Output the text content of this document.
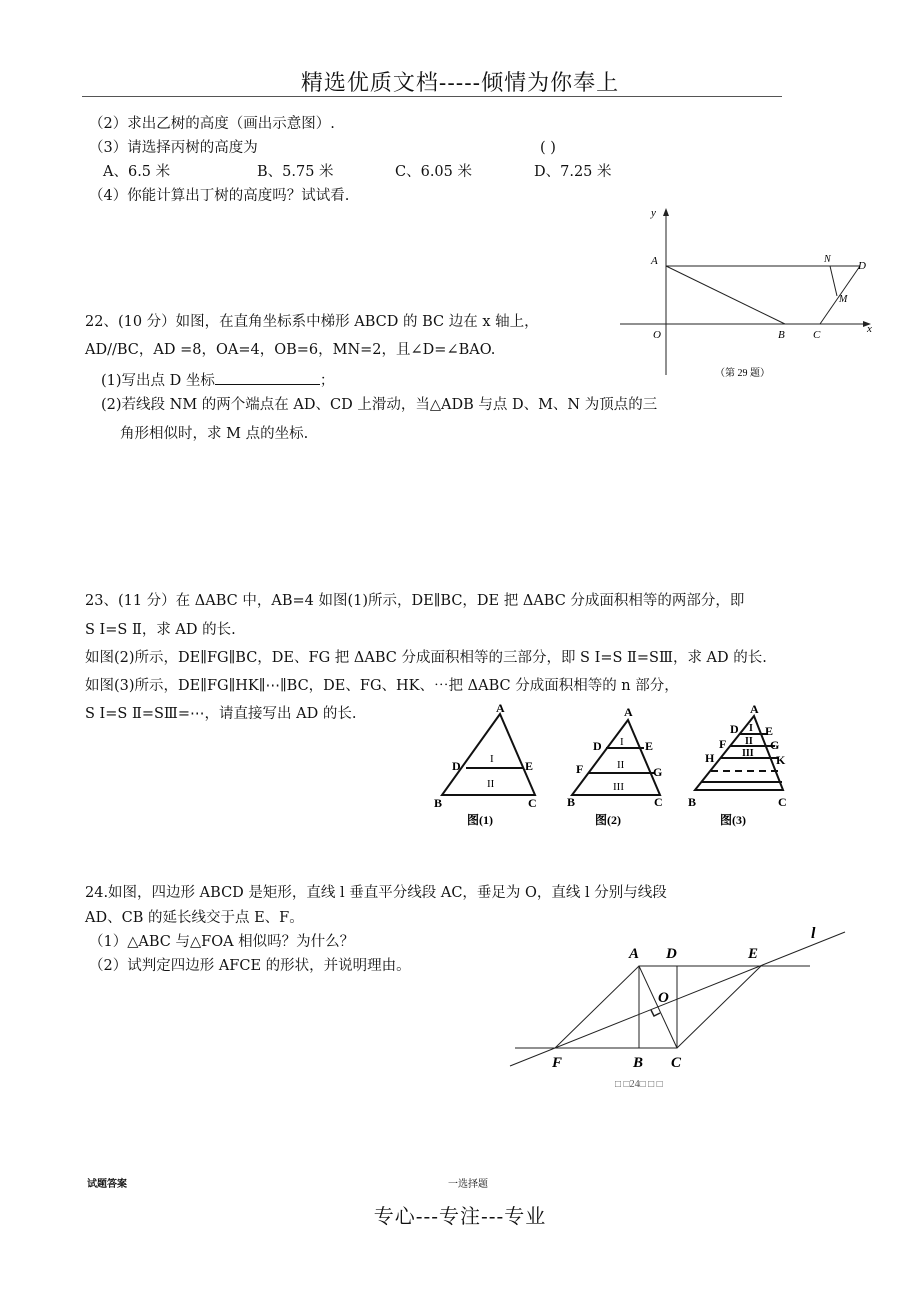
精选优质文档-----倾情为你奉上
（2）求出乙树的高度（画出示意图）.
（3）请选择丙树的高度为	( )
A、6.5 米	B、5.75 米	C、6.05 米	D、7.25 米
（4）你能计算出丁树的高度吗？试试看.
y
x
A
O	B	C
D
N
M
（第 29 题）
22、(10 分）如图，在直角坐标系中梯形 ABCD 的 BC 边在 x 轴上，
AD//BC，AD =8，OA=4，OB=6，MN=2，且∠D=∠BAO.
(1)写出点 D 坐标	；
(2)若线段 NM 的两个端点在 AD、CD 上滑动，当△ADB 与点 D、M、N 为顶点的三
角形相似时，求 M 点的坐标.
23、(11 分）在 ΔABC 中，AB=4 如图(1)所示，DE∥BC，DE 把 ΔABC 分成面积相等的两部分，即
S Ⅰ=S Ⅱ，求 AD 的长.
如图(2)所示，DE∥FG∥BC，DE、FG 把 ΔABC 分成面积相等的三部分，即 S Ⅰ=S Ⅱ=SⅢ，求 AD 的长.
如图(3)所示，DE∥FG∥HK∥⋯∥BC，DE、FG、HK、⋯把 ΔABC 分成面积相等的 n 部分，
S Ⅰ=S Ⅱ=SⅢ=⋯，请直接写出 AD 的长.	A
D	E
B	C
I
II
图(1)
A
D	E
F	G
B	C
I
II
III
图(2)
A
D E
F	G
H	K
B	C
I
II
III
图(3)
24.如图，四边形 ABCD 是矩形，直线 l 垂直平分线段 AC，垂足为 O，直线 l 分别与线段
AD、CB 的延长线交于点 E、F。
（1）△ABC 与△FOA 相似吗？为什么？
（2）试判定四边形 AFCE 的形状，并说明理由。
l
A D	E
O
F	B C
□ □24□ □ □
试题答案	一选择题
专心---专注---专业
